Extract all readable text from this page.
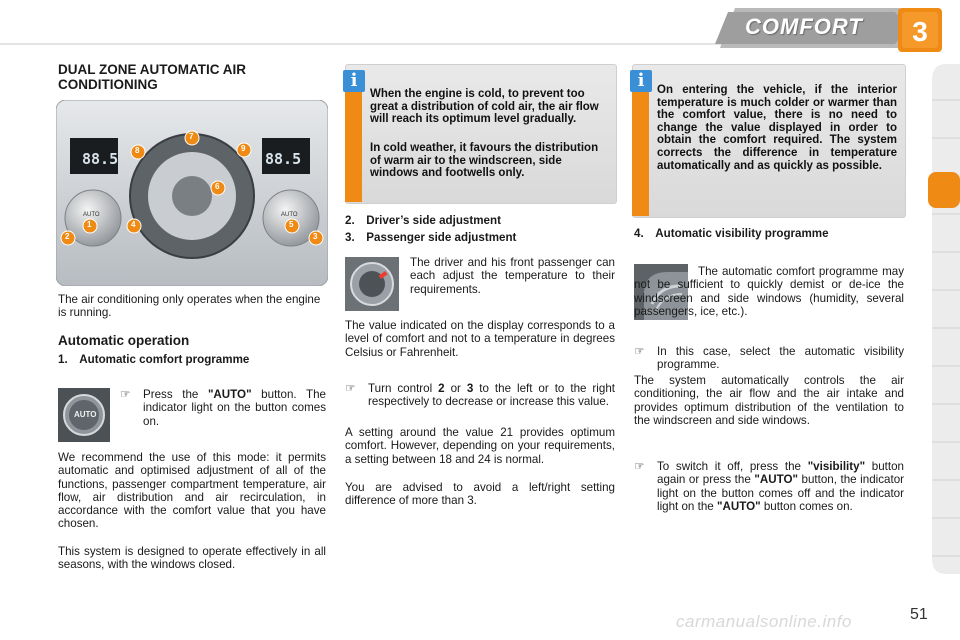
COMFORT	3
DUAL ZONE AUTOMATIC AIR CONDITIONING
88.5	88.5
AUTO	AUTO
1
2	3
4	5
6
7
8	9
The air conditioning only operates when the engine is running.
Automatic operation
1. Automatic comfort programme
AUTO
☞	Press the "AUTO" button. The indicator light on the button comes on.
We recommend the use of this mode: it permits automatic and optimised adjustment of all of the functions, passenger compartment temperature, air flow, air distribution and air recirculation, in accordance with the comfort value that you have chosen.
This system is designed to operate effectively in all seasons, with the windows closed.
i
When the engine is cold, to prevent too great a distribution of cold air, the air flow will reach its optimum level gradually.
In cold weather, it favours the distribution of warm air to the windscreen, side windows and footwells only.
2. Driver’s side adjustment
3. Passenger side adjustment
The driver and his front passenger can each adjust the temperature to their requirements.
The value indicated on the display corresponds to a level of comfort and not to a temperature in degrees Celsius or Fahrenheit.
☞	Turn control 2 or 3 to the left or to the right respectively to decrease or increase this value.
A setting around the value 21 provides optimum comfort. However, depending on your requirements, a setting between 18 and 24 is normal.
You are advised to avoid a left/right setting difference of more than 3.
i	On entering the vehicle, if the interior temperature is much colder or warmer than the comfort value, there is no need to change the value displayed in order to obtain the comfort required. The system corrects the difference in temperature automatically and as quickly as possible.
4. Automatic visibility programme
The automatic comfort programme may not be sufficient to quickly demist or de-ice the windscreen and side windows (humidity, several passengers, ice, etc.).
☞	In this case, select the automatic visibility programme.
The system automatically controls the air conditioning, the air flow and the air intake and provides optimum distribution of the ventilation to the windscreen and side windows.
☞	To switch it off, press the "visibility" button again or press the "AUTO" button, the indicator light on the button comes off and the indicator light on the "AUTO" button comes on.
carmanualsonline.info	51
